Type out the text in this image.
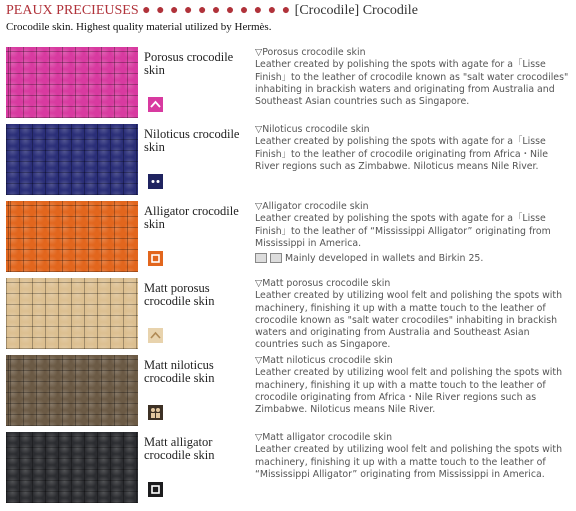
PEAUX PRECIEUSES ● ● ● ● ● ● ● ● ● ● ● [Crocodile] Crocodile
Crocodile skin. Highest quality material utilized by Hermès.
Porosus crocodile skin
▽Porosus crocodile skin
Leather created by polishing the spots with agate for a「Lisse Finish」to the leather of crocodile known as "salt water crocodiles" inhabiting in brackish waters and originating from Australia and Southeast Asian countries such as Singapore.
Niloticus crocodile skin
▽Niloticus crocodile skin
Leather created by polishing the spots with agate for a「Lisse Finish」to the leather of crocodile originating from Africa・Nile River regions such as Zimbabwe. Niloticus means Nile River.
Alligator crocodile skin
▽Alligator crocodile skin
Leather created by polishing the spots with agate for a「Lisse Finish」to the leather of “Mississippi Alligator” originating from Mississippi in America.
Mainly developed in wallets and Birkin 25.
Matt porosus crocodile skin
▽Matt porosus crocodile skin
Leather created by utilizing wool felt and polishing the spots with machinery, finishing it up with a matte touch to the leather of crocodile known as "salt water crocodiles" inhabiting in brackish waters and originating from Australia and Southeast Asian countries such as Singapore.
Matt niloticus crocodile skin
▽Matt niloticus crocodile skin
Leather created by utilizing wool felt and polishing the spots with machinery, finishing it up with a matte touch to the leather of crocodile originating from Africa・Nile River regions such as Zimbabwe. Niloticus means Nile River.
Matt alligator crocodile skin
▽Matt alligator crocodile skin
Leather created by utilizing wool felt and polishing the spots with machinery, finishing it up with a matte touch to the leather of “Mississippi Alligator” originating from Mississippi in America.
